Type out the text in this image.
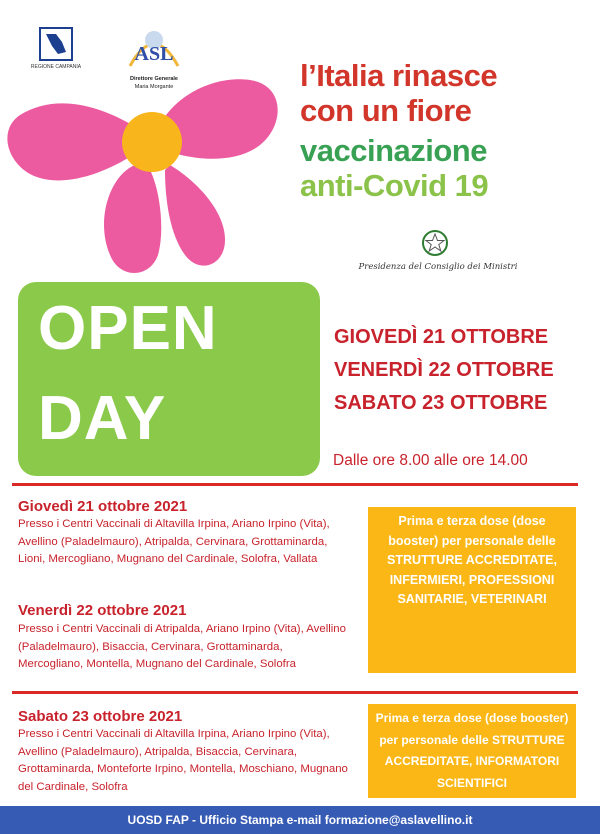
REGIONE CAMPANIA
ASL
Direttore Generale
Maria Morgante	l’Italia rinasce
con un fiore
vaccinazione
anti-Covid 19
Presidenza del Consiglio dei Ministri
OPEN
DAY
GIOVEDÌ 21 OTTOBRE
VENERDÌ 22 OTTOBRE
SABATO 23 OTTOBRE
Dalle ore 8.00 alle ore 14.00
Giovedì 21 ottobre 2021
Presso i Centri Vaccinali di Altavilla Irpina, Ariano Irpino (Vita), Avellino (Paladelmauro), Atripalda, Cervinara, Grottaminarda, Lioni, Mercogliano, Mugnano del Cardinale, Solofra, Vallata
Venerdì 22 ottobre 2021
Presso i Centri Vaccinali di Atripalda, Ariano Irpino (Vita), Avellino (Paladelmauro), Bisaccia, Cervinara, Grottaminarda, Mercogliano, Montella, Mugnano del Cardinale, Solofra
Sabato 23 ottobre 2021
Presso i Centri Vaccinali di Altavilla Irpina, Ariano Irpino (Vita), Avellino (Paladelmauro), Atripalda, Bisaccia, Cervinara, Grottaminarda, Monteforte Irpino, Montella, Moschiano, Mugnano del Cardinale, Solofra
Prima e terza dose (dose booster) per personale delle STRUTTURE ACCREDITATE, INFERMIERI, PROFESSIONI SANITARIE, VETERINARI
Prima e terza dose (dose booster) per personale delle STRUTTURE ACCREDITATE, INFORMATORI SCIENTIFICI
UOSD FAP - Ufficio Stampa e-mail formazione@aslavellino.it
